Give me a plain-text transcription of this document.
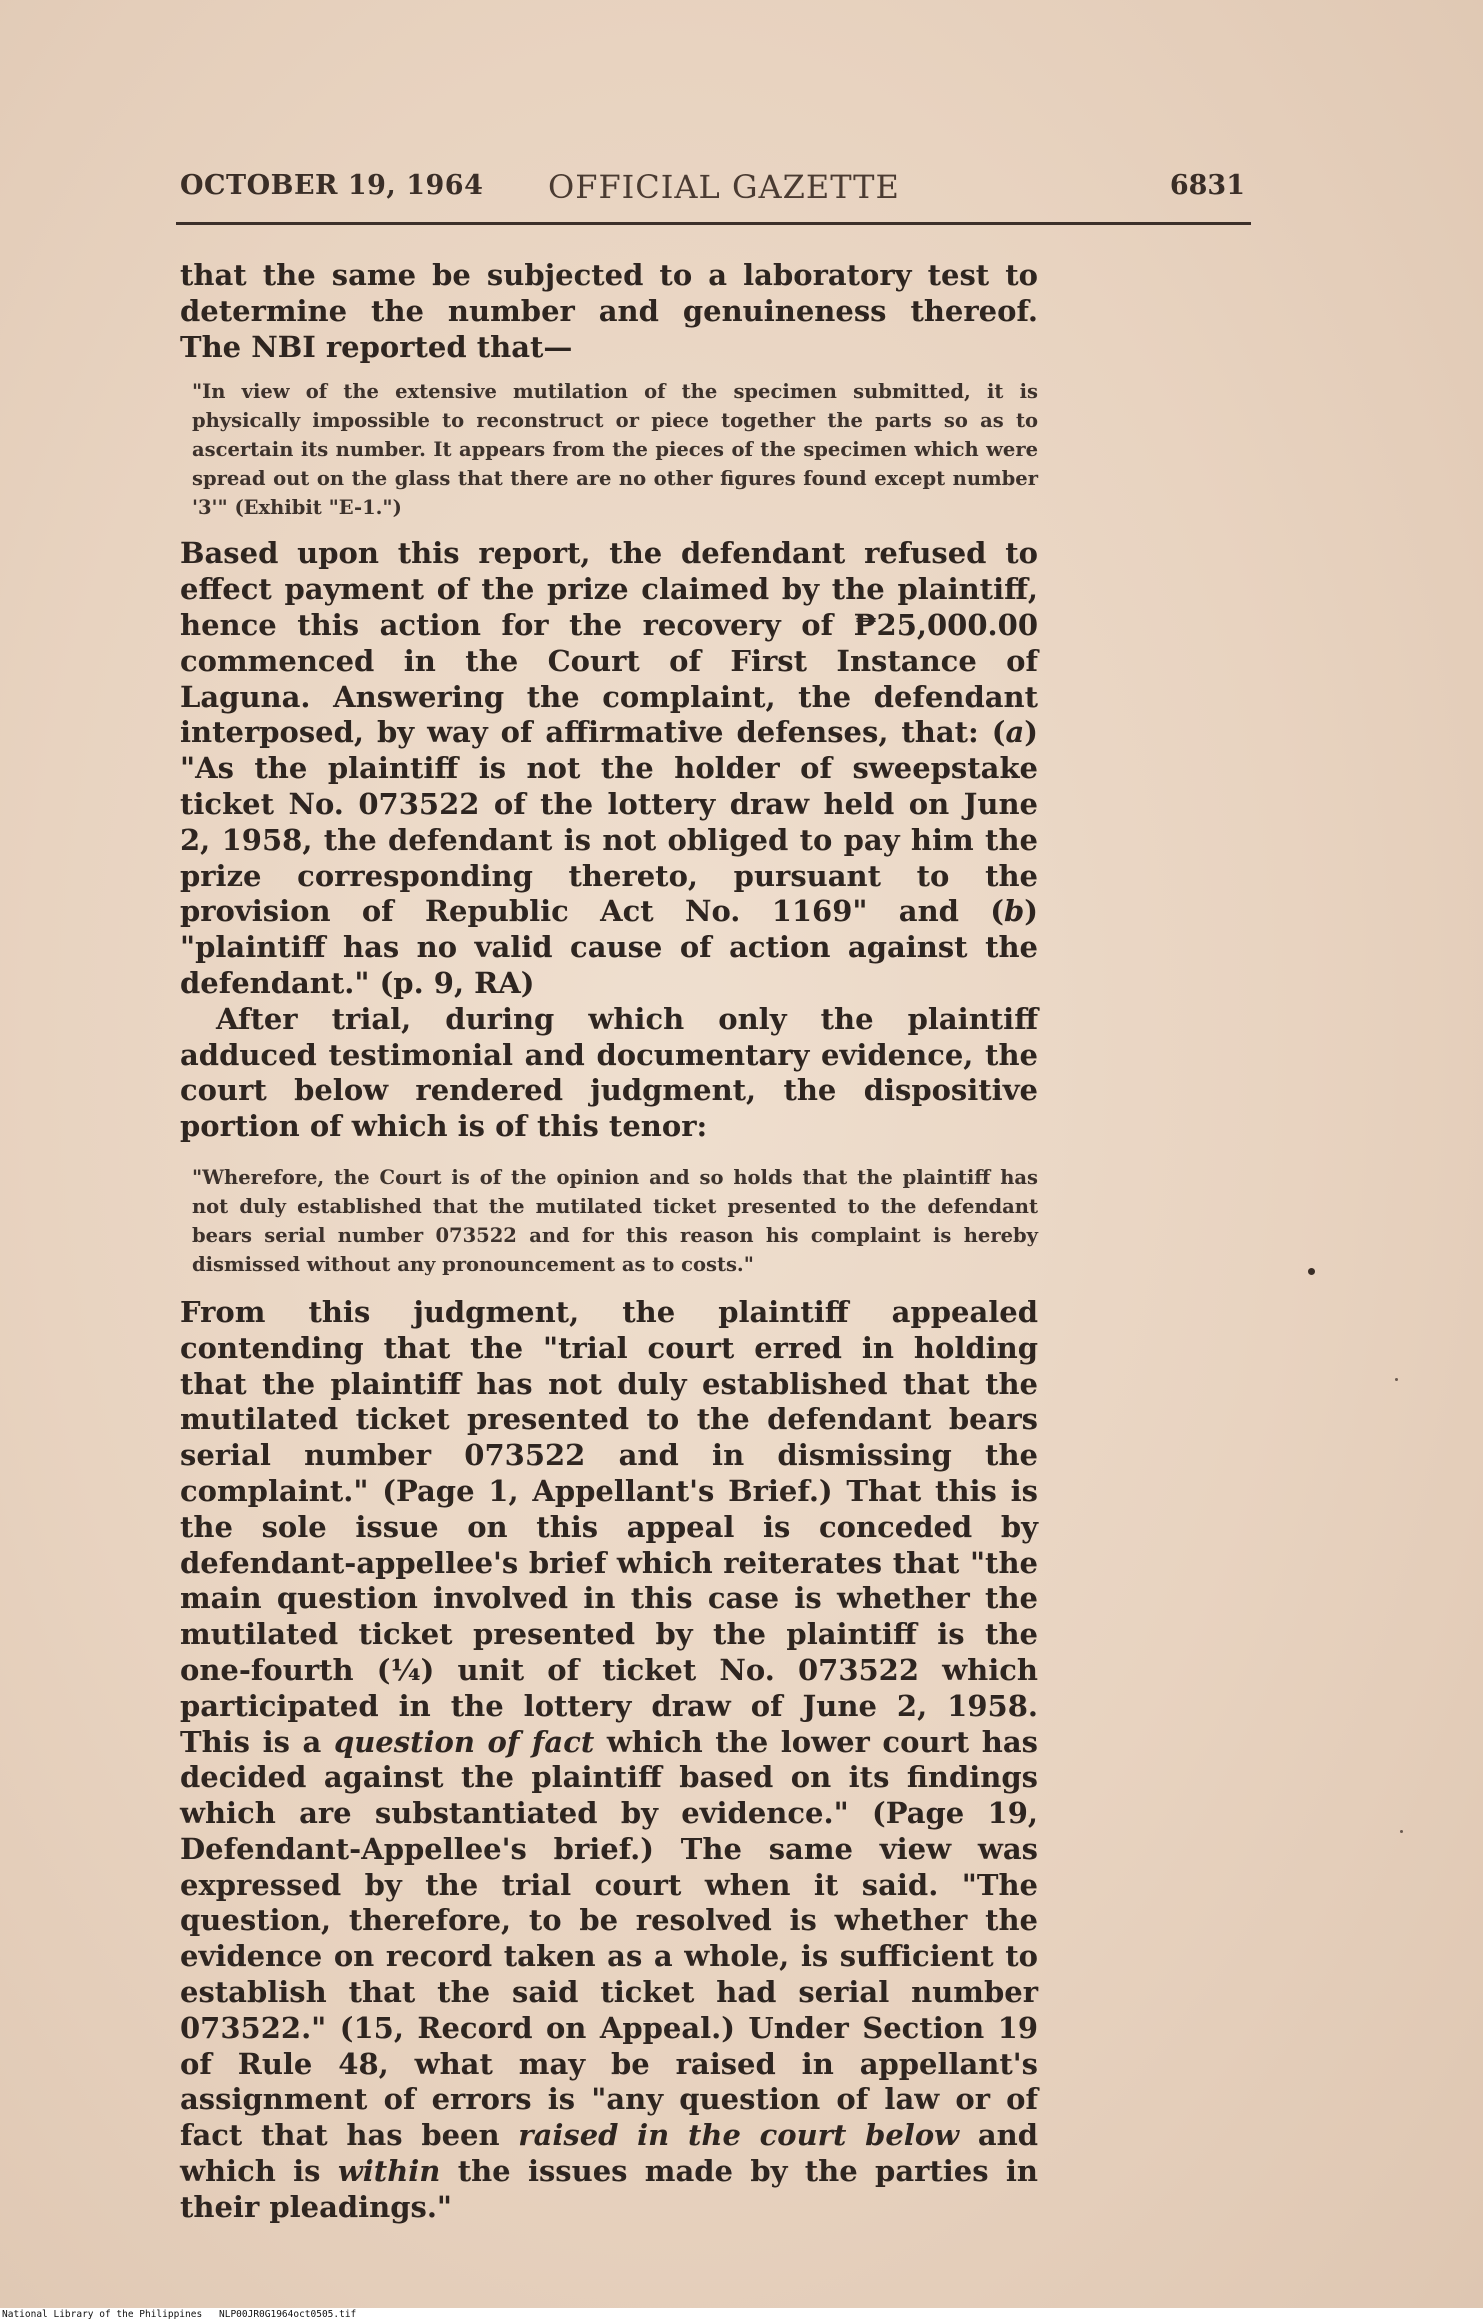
OCTOBER 19, 1964 OFFICIAL GAZETTE	6831

that the same be subjected to a laboratory test to determine the number and genuineness thereof. The NBI reported that—

"In view of the extensive mutilation of the specimen submitted, it is physically impossible to reconstruct or piece together the parts so as to ascertain its number. It appears from the pieces of the specimen which were spread out on the glass that there are no other figures found except number '3'" (Exhibit "E-1.")

Based upon this report, the defendant refused to effect payment of the prize claimed by the plaintiff, hence this action for the recovery of ₱25,000.00 commenced in the Court of First Instance of Laguna. Answering the complaint, the defendant interposed, by way of affirmative defenses, that: (a) "As the plaintiff is not the holder of sweepstake ticket No. 073522 of the lottery draw held on June 2, 1958, the defendant is not obliged to pay him the prize corresponding thereto, pursuant to the provision of Republic Act No. 1169" and (b) "plaintiff has no valid cause of action against the defendant." (p. 9, RA)

After trial, during which only the plaintiff adduced testimonial and documentary evidence, the court below rendered judgment, the dispositive portion of which is of this tenor:

"Wherefore, the Court is of the opinion and so holds that the plaintiff has not duly established that the mutilated ticket presented to the defendant bears serial number 073522 and for this reason his complaint is hereby dismissed without any pronouncement as to costs."

From this judgment, the plaintiff appealed contending that the "trial court erred in holding that the plaintiff has not duly established that the mutilated ticket presented to the defendant bears serial number 073522 and in dismissing the complaint." (Page 1, Appellant's Brief.) That this is the sole issue on this appeal is conceded by defendant-appellee's brief which reiterates that "the main question involved in this case is whether the mutilated ticket presented by the plaintiff is the one-fourth (¼) unit of ticket No. 073522 which participated in the lottery draw of June 2, 1958. This is a question of fact which the lower court has decided against the plaintiff based on its findings which are substantiated by evidence." (Page 19, Defendant-Appellee's brief.) The same view was expressed by the trial court when it said. "The question, therefore, to be resolved is whether the evidence on record taken as a whole, is sufficient to establish that the said ticket had serial number 073522." (15, Record on Appeal.) Under Section 19 of Rule 48, what may be raised in appellant's assignment of errors is "any question of law or of fact that has been raised in the court below and which is within the issues made by the parties in their pleadings."

National Library of the Philippines NLP00JR0G1964oct0505.tif
